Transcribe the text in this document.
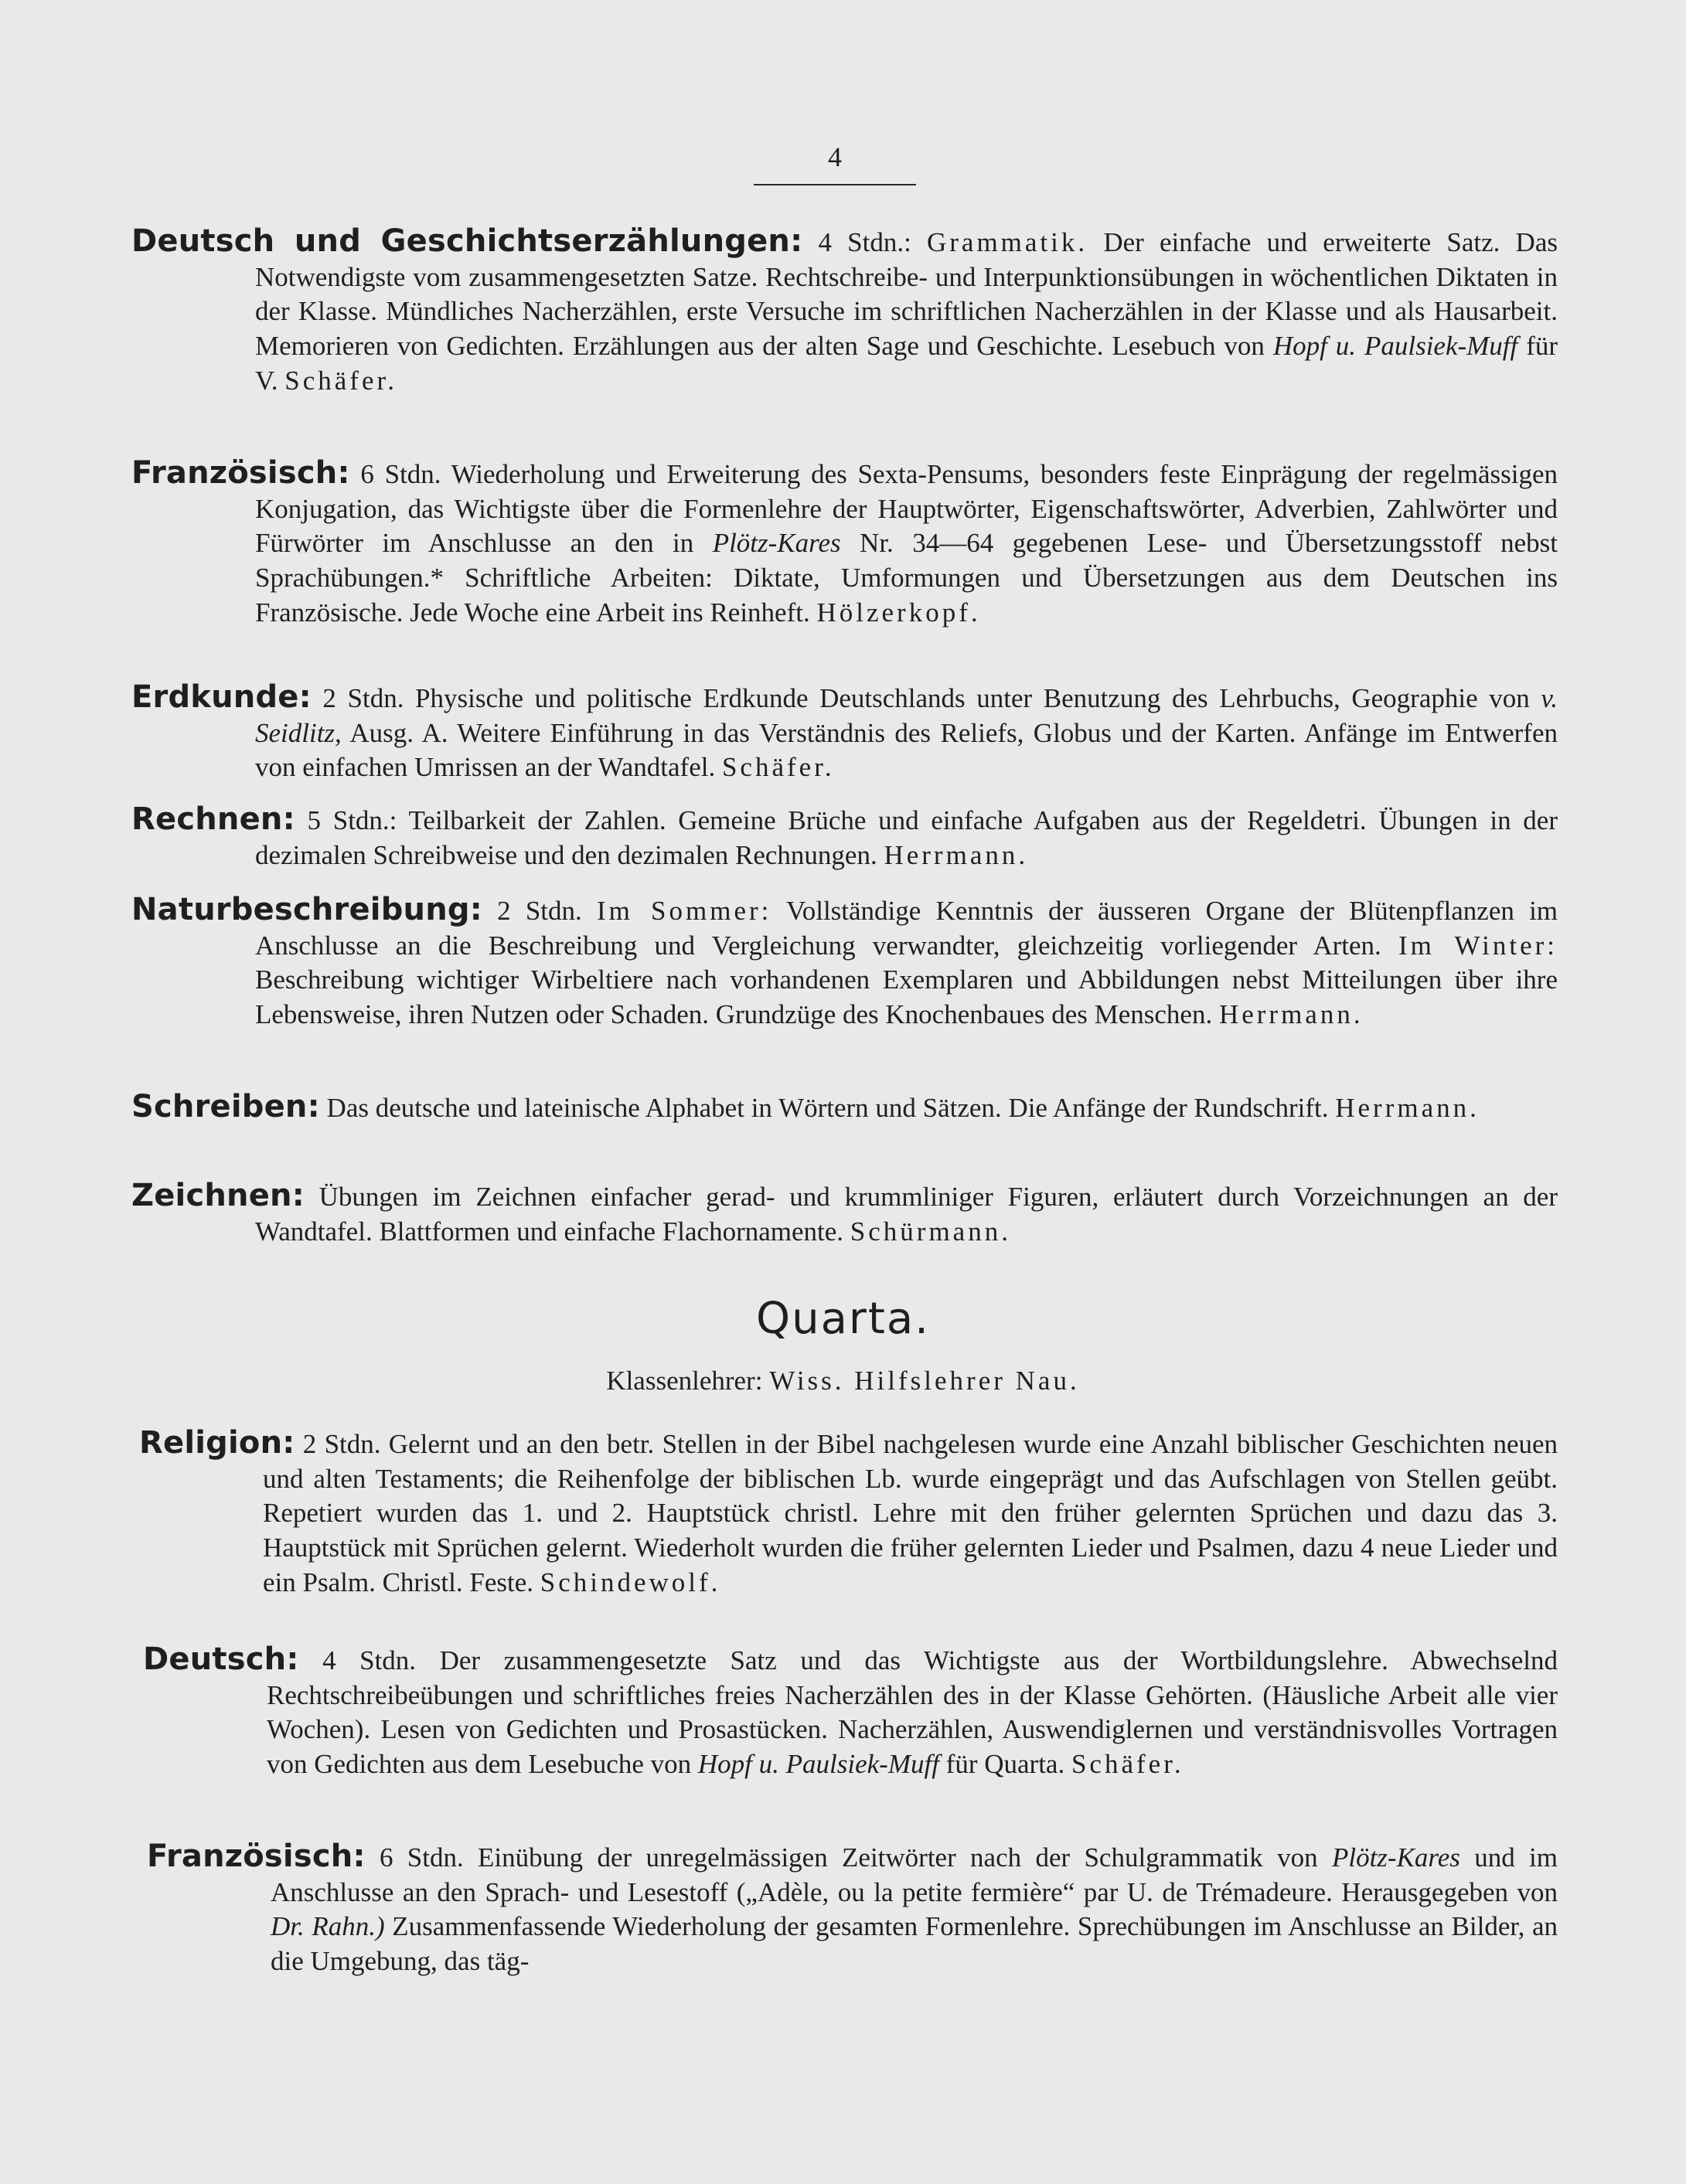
4
Deutsch und Geschichtserzählungen: 4 Stdn.: Grammatik. Der einfache und erweiterte Satz. Das Notwendigste vom zusammengesetzten Satze. Rechtschreibe- und Interpunktionsübungen in wöchentlichen Diktaten in der Klasse. Mündliches Nacherzählen, erste Versuche im schriftlichen Nacherzählen in der Klasse und als Hausarbeit. Memorieren von Gedichten. Erzählungen aus der alten Sage und Geschichte. Lesebuch von Hopf u. Paulsiek-Muff für V. Schäfer.
Französisch: 6 Stdn. Wiederholung und Erweiterung des Sexta-Pensums, besonders feste Einprägung der regelmässigen Konjugation, das Wichtigste über die Formenlehre der Hauptwörter, Eigenschaftswörter, Adverbien, Zahlwörter und Fürwörter im Anschlusse an den in Plötz-Kares Nr. 34—64 gegebenen Lese- und Übersetzungsstoff nebst Sprachübungen.* Schriftliche Arbeiten: Diktate, Umformungen und Übersetzungen aus dem Deutschen ins Französische. Jede Woche eine Arbeit ins Reinheft. Hölzerkopf.
Erdkunde: 2 Stdn. Physische und politische Erdkunde Deutschlands unter Benutzung des Lehrbuchs, Geographie von v. Seidlitz, Ausg. A. Weitere Einführung in das Verständnis des Reliefs, Globus und der Karten. Anfänge im Entwerfen von einfachen Umrissen an der Wandtafel. Schäfer.
Rechnen: 5 Stdn.: Teilbarkeit der Zahlen. Gemeine Brüche und einfache Aufgaben aus der Regeldetri. Übungen in der dezimalen Schreibweise und den dezimalen Rechnungen. Herrmann.
Naturbeschreibung: 2 Stdn. Im Sommer: Vollständige Kenntnis der äusseren Organe der Blütenpflanzen im Anschlusse an die Beschreibung und Vergleichung verwandter, gleichzeitig vorliegender Arten. Im Winter: Beschreibung wichtiger Wirbeltiere nach vorhandenen Exemplaren und Abbildungen nebst Mitteilungen über ihre Lebensweise, ihren Nutzen oder Schaden. Grundzüge des Knochenbaues des Menschen. Herrmann.
Schreiben: Das deutsche und lateinische Alphabet in Wörtern und Sätzen. Die Anfänge der Rundschrift. Herrmann.
Zeichnen: Übungen im Zeichnen einfacher gerad- und krummliniger Figuren, erläutert durch Vorzeichnungen an der Wandtafel. Blattformen und einfache Flachornamente. Schürmann.
Quarta.
Klassenlehrer: Wiss. Hilfslehrer Nau.
Religion: 2 Stdn. Gelernt und an den betr. Stellen in der Bibel nachgelesen wurde eine Anzahl biblischer Geschichten neuen und alten Testaments; die Reihenfolge der biblischen Lb. wurde eingeprägt und das Aufschlagen von Stellen geübt. Repetiert wurden das 1. und 2. Hauptstück christl. Lehre mit den früher gelernten Sprüchen und dazu das 3. Hauptstück mit Sprüchen gelernt. Wiederholt wurden die früher gelernten Lieder und Psalmen, dazu 4 neue Lieder und ein Psalm. Christl. Feste. Schindewolf.
Deutsch: 4 Stdn. Der zusammengesetzte Satz und das Wichtigste aus der Wortbildungslehre. Abwechselnd Rechtschreibeübungen und schriftliches freies Nacherzählen des in der Klasse Gehörten. (Häusliche Arbeit alle vier Wochen). Lesen von Gedichten und Prosastücken. Nacherzählen, Auswendiglernen und verständnisvolles Vortragen von Gedichten aus dem Lesebuche von Hopf u. Paulsiek-Muff für Quarta. Schäfer.
Französisch: 6 Stdn. Einübung der unregelmässigen Zeitwörter nach der Schulgrammatik von Plötz-Kares und im Anschlusse an den Sprach- und Lesestoff („Adèle, ou la petite fermière“ par U. de Trémadeure. Herausgegeben von Dr. Rahn.) Zusammenfassende Wiederholung der gesamten Formenlehre. Sprechübungen im Anschlusse an Bilder, an die Umgebung, das täg-
